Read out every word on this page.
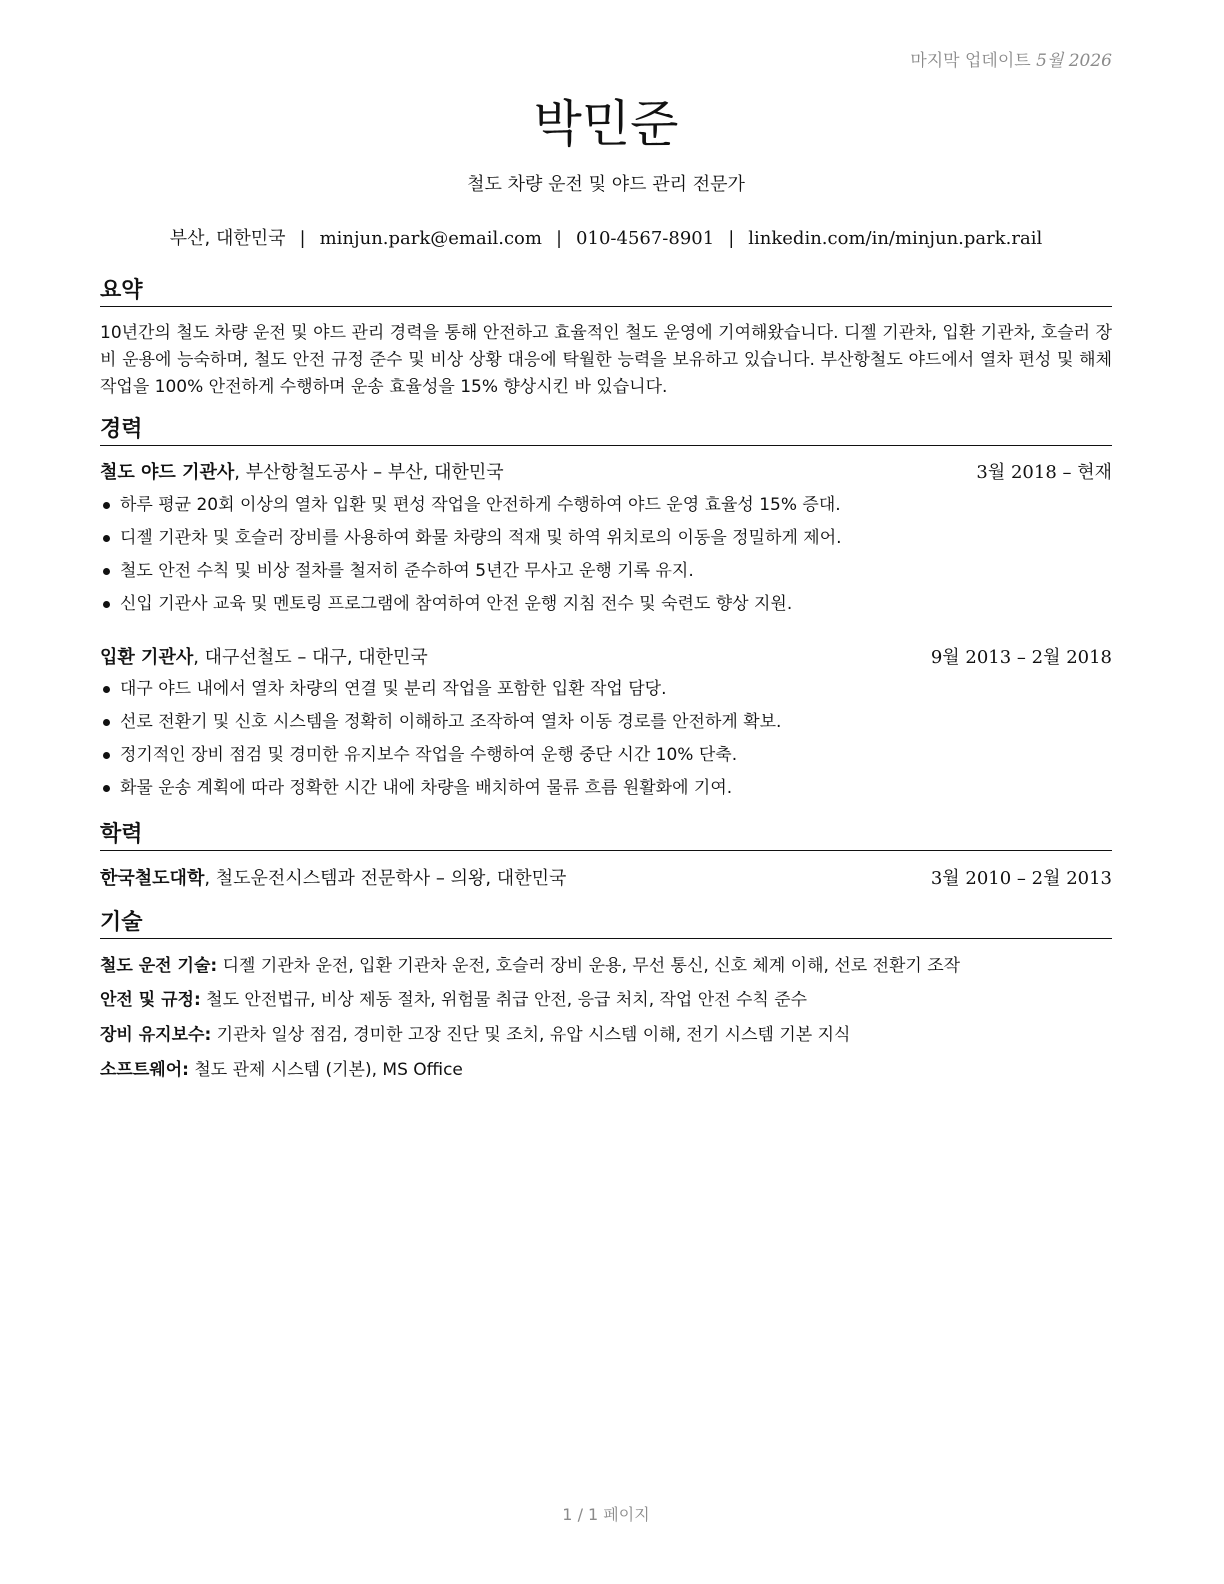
마지막 업데이트 5월 2026
박민준
철도 차량 운전 및 야드 관리 전문가
부산, 대한민국 | minjun.park@email.com | 010-4567-8901 | linkedin.com/in/minjun.park.rail
요약
10년간의 철도 차량 운전 및 야드 관리 경력을 통해 안전하고 효율적인 철도 운영에 기여해왔습니다. 디젤 기관차, 입환 기관차, 호슬러 장비 운용에 능숙하며, 철도 안전 규정 준수 및 비상 상황 대응에 탁월한 능력을 보유하고 있습니다. 부산항철도 야드에서 열차 편성 및 해체 작업을 100% 안전하게 수행하며 운송 효율성을 15% 향상시킨 바 있습니다.
경력
철도 야드 기관사, 부산항철도공사 – 부산, 대한민국	3월 2018 – 현재
하루 평균 20회 이상의 열차 입환 및 편성 작업을 안전하게 수행하여 야드 운영 효율성 15% 증대.
디젤 기관차 및 호슬러 장비를 사용하여 화물 차량의 적재 및 하역 위치로의 이동을 정밀하게 제어.
철도 안전 수칙 및 비상 절차를 철저히 준수하여 5년간 무사고 운행 기록 유지.
신입 기관사 교육 및 멘토링 프로그램에 참여하여 안전 운행 지침 전수 및 숙련도 향상 지원.
입환 기관사, 대구선철도 – 대구, 대한민국	9월 2013 – 2월 2018
대구 야드 내에서 열차 차량의 연결 및 분리 작업을 포함한 입환 작업 담당.
선로 전환기 및 신호 시스템을 정확히 이해하고 조작하여 열차 이동 경로를 안전하게 확보.
정기적인 장비 점검 및 경미한 유지보수 작업을 수행하여 운행 중단 시간 10% 단축.
화물 운송 계획에 따라 정확한 시간 내에 차량을 배치하여 물류 흐름 원활화에 기여.
학력
한국철도대학, 철도운전시스템과 전문학사 – 의왕, 대한민국	3월 2010 – 2월 2013
기술
철도 운전 기술: 디젤 기관차 운전, 입환 기관차 운전, 호슬러 장비 운용, 무선 통신, 신호 체계 이해, 선로 전환기 조작
안전 및 규정: 철도 안전법규, 비상 제동 절차, 위험물 취급 안전, 응급 처치, 작업 안전 수칙 준수
장비 유지보수: 기관차 일상 점검, 경미한 고장 진단 및 조치, 유압 시스템 이해, 전기 시스템 기본 지식
소프트웨어: 철도 관제 시스템 (기본), MS Office
1 / 1 페이지
